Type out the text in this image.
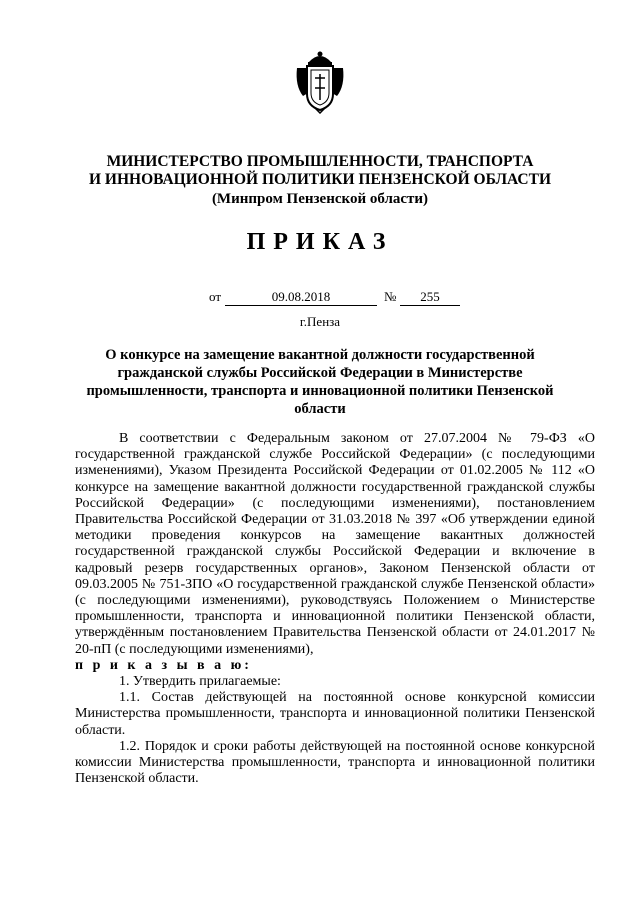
МИНИСТЕРСТВО ПРОМЫШЛЕННОСТИ, ТРАНСПОРТА
И ИННОВАЦИОННОЙ ПОЛИТИКИ ПЕНЗЕНСКОЙ ОБЛАСТИ
(Минпром Пензенской области)
ПРИКАЗ
от	09.08.2018	№	255
г.Пенза
О конкурсе на замещение вакантной должности государственной гражданской службы Российской Федерации в Министерстве промышленности, транспорта и инновационной политики Пензенской области

В соответствии с Федеральным законом от 27.07.2004 № 79-ФЗ «О государственной гражданской службе Российской Федерации» (с последующими изменениями), Указом Президента Российской Федерации от 01.02.2005 № 112 «О конкурсе на замещение вакантной должности государственной гражданской службы Российской Федерации» (с последующими изменениями), постановлением Правительства Российской Федерации от 31.03.2018 № 397 «Об утверждении единой методики проведения конкурсов на замещение вакантных должностей государственной гражданской службы Российской Федерации и включение в кадровый резерв государственных органов», Законом Пензенской области от 09.03.2005 № 751-ЗПО «О государственной гражданской службе Пензенской области» (с последующими изменениями), руководствуясь Положением о Министерстве промышленности, транспорта и инновационной политики Пензенской области, утверждённым постановлением Правительства Пензенской области от 24.01.2017 № 20-пП (с последующими изменениями),

п р и к а з ы в а ю:

1. Утвердить прилагаемые:

1.1. Состав действующей на постоянной основе конкурсной комиссии Министерства промышленности, транспорта и инновационной политики Пензенской области.

1.2. Порядок и сроки работы действующей на постоянной основе конкурсной комиссии Министерства промышленности, транспорта и инновационной политики Пензенской области.
